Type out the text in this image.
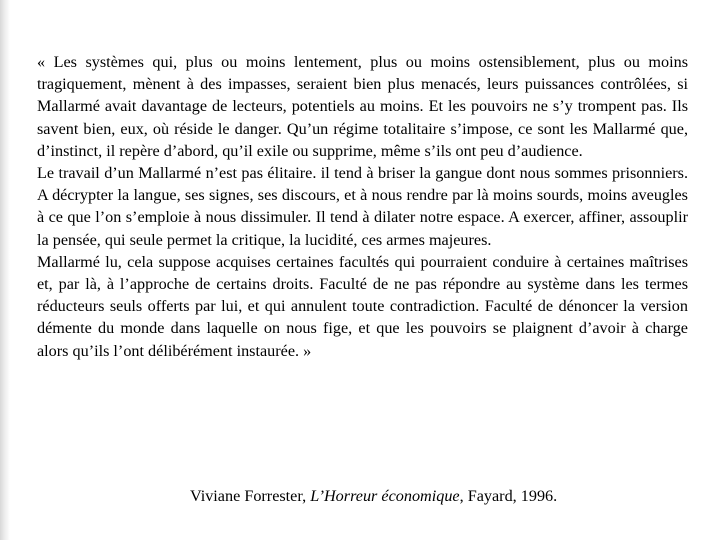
« Les systèmes qui, plus ou moins lentement, plus ou moins ostensiblement, plus ou moins tragiquement, mènent à des impasses, seraient bien plus menacés, leurs puissances contrôlées, si Mallarmé avait davantage de lecteurs, potentiels au moins. Et les pouvoirs ne s’y trompent pas. Ils savent bien, eux, où réside le danger. Qu’un régime totalitaire s’impose, ce sont les Mallarmé que, d’instinct, il repère d’abord, qu’il exile ou supprime, même s’ils ont peu d’audience.

Le travail d’un Mallarmé n’est pas élitaire. il tend à briser la gangue dont nous sommes prisonniers. A décrypter la langue, ses signes, ses discours, et à nous rendre par là moins sourds, moins aveugles à ce que l’on s’emploie à nous dissimuler. Il tend à dilater notre espace. A exercer, affiner, assouplir la pensée, qui seule permet la critique, la lucidité, ces armes majeures.

Mallarmé lu, cela suppose acquises certaines facultés qui pourraient conduire à certaines maîtrises et, par là, à l’approche de certains droits. Faculté de ne pas répondre au système dans les termes réducteurs seuls offerts par lui, et qui annulent toute contradiction. Faculté de dénoncer la version démente du monde dans laquelle on nous fige, et que les pouvoirs se plaignent d’avoir à charge alors qu’ils l’ont délibérément instaurée. »

Viviane Forrester, L’Horreur économique, Fayard, 1996.
